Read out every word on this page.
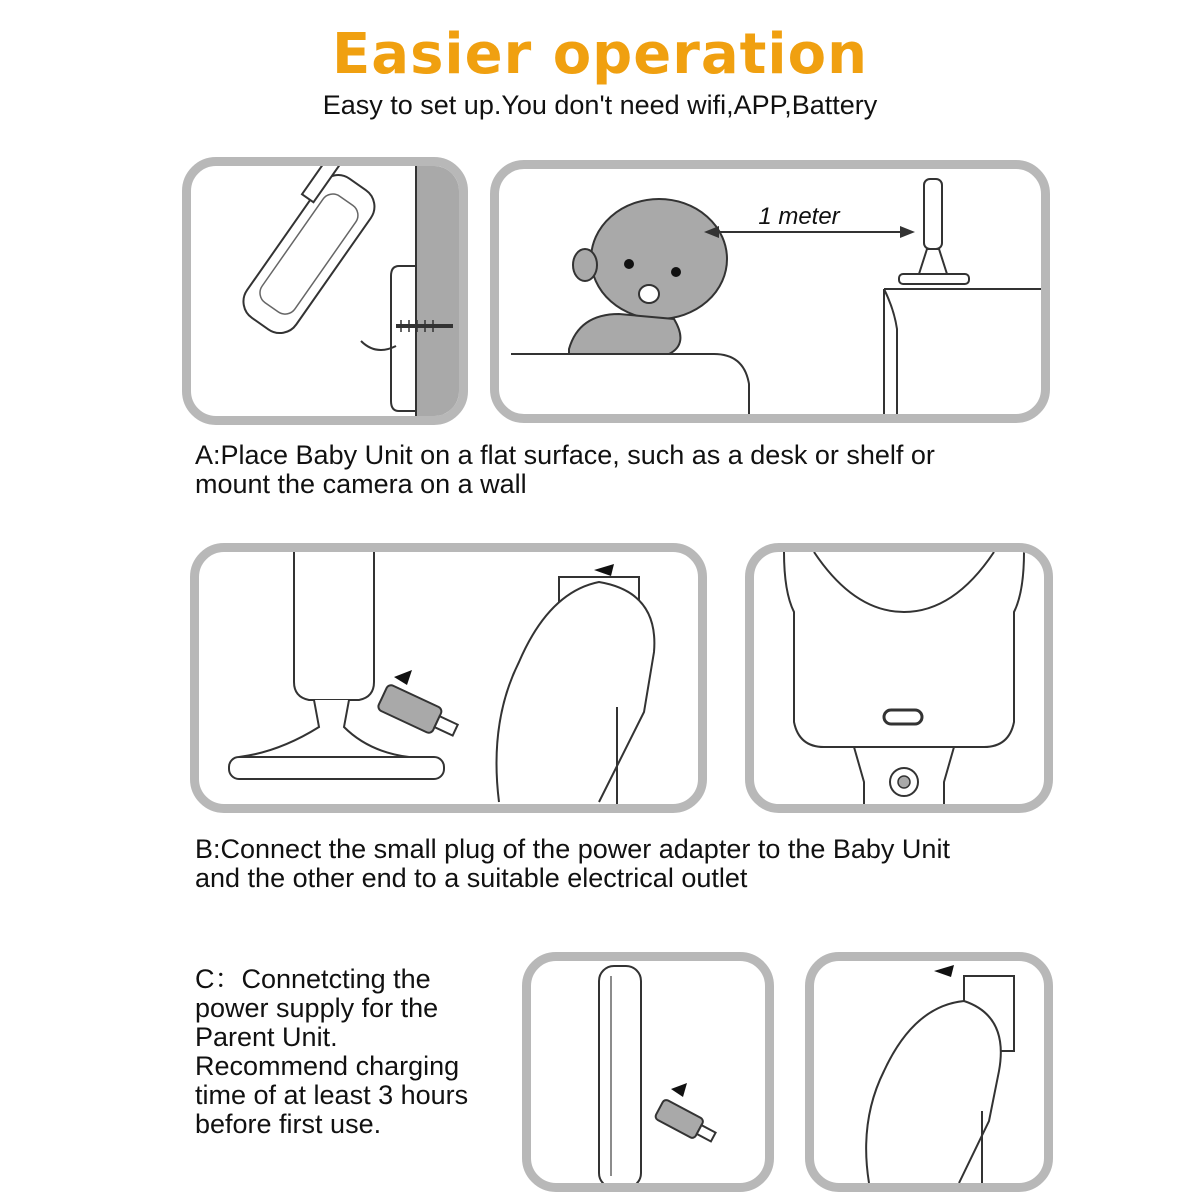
Easier operation
Easy to set up.You don't need wifi,APP,Battery
1 meter
A:Place Baby Unit on a flat surface, such as a desk or shelf or
mount the camera on a wall
B:Connect the small plug of the power adapter to the Baby Unit
and the other end to a suitable electrical outlet
C：Connetcting the
power supply for the
Parent Unit.
Recommend charging
time of at least 3 hours
before first use.
